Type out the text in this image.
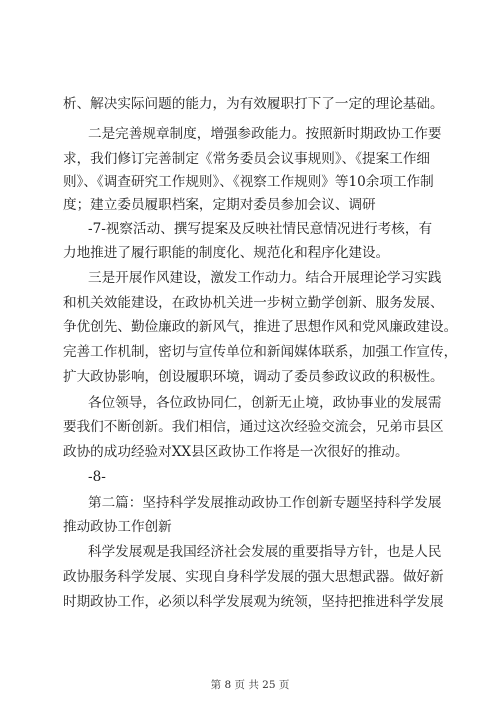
析、解决实际问题的能力，为有效履职打下了一定的理论基础。
二是完善规章制度，增强参政能力。按照新时期政协工作要
求，我们修订完善制定《常务委员会议事规则》、《提案工作细
则》、《调查研究工作规则》、《视察工作规则》等10余项工作制
度；建立委员履职档案，定期对委员参加会议、调研
-7-视察活动、撰写提案及反映社情民意情况进行考核，有
力地推进了履行职能的制度化、规范化和程序化建设。
三是开展作风建设，激发工作动力。结合开展理论学习实践
和机关效能建设，在政协机关进一步树立勤学创新、服务发展、
争优创先、勤俭廉政的新风气，推进了思想作风和党风廉政建设。
完善工作机制，密切与宣传单位和新闻媒体联系，加强工作宣传，
扩大政协影响，创设履职环境，调动了委员参政议政的积极性。
各位领导，各位政协同仁，创新无止境，政协事业的发展需
要我们不断创新。我们相信，通过这次经验交流会，兄弟市县区
政协的成功经验对XX县区政协工作将是一次很好的推动。
-8-
第二篇：坚持科学发展推动政协工作创新专题坚持科学发展
推动政协工作创新
科学发展观是我国经济社会发展的重要指导方针，也是人民
政协服务科学发展、实现自身科学发展的强大思想武器。做好新
时期政协工作，必须以科学发展观为统领，坚持把推进科学发展
第 8 页 共 25 页
